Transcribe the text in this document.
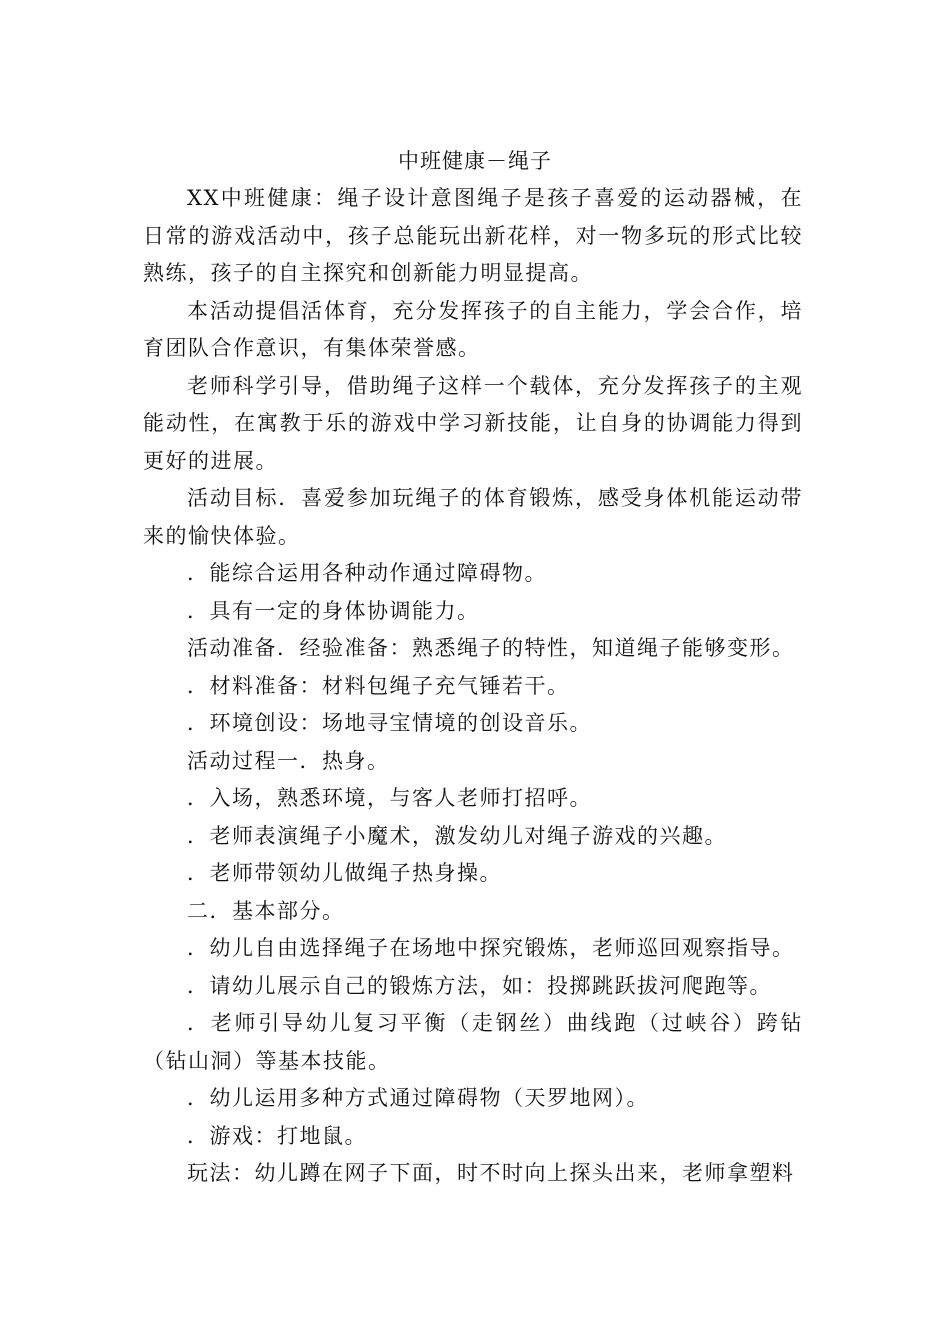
中班健康－绳子

XX中班健康：绳子设计意图绳子是孩子喜爱的运动器械，在日常的游戏活动中，孩子总能玩出新花样，对一物多玩的形式比较熟练，孩子的自主探究和创新能力明显提高。

本活动提倡活体育，充分发挥孩子的自主能力，学会合作，培育团队合作意识，有集体荣誉感。

老师科学引导，借助绳子这样一个载体，充分发挥孩子的主观能动性，在寓教于乐的游戏中学习新技能，让自身的协调能力得到更好的进展。

活动目标．喜爱参加玩绳子的体育锻炼，感受身体机能运动带来的愉快体验。

．能综合运用各种动作通过障碍物。

．具有一定的身体协调能力。

活动准备．经验准备：熟悉绳子的特性，知道绳子能够变形。

．材料准备：材料包绳子充气锤若干。

．环境创设：场地寻宝情境的创设音乐。

活动过程一．热身。

．入场，熟悉环境，与客人老师打招呼。

．老师表演绳子小魔术，激发幼儿对绳子游戏的兴趣。

．老师带领幼儿做绳子热身操。

二．基本部分。

．幼儿自由选择绳子在场地中探究锻炼，老师巡回观察指导。

．请幼儿展示自己的锻炼方法，如：投掷跳跃拔河爬跑等。

．老师引导幼儿复习平衡（走钢丝）曲线跑（过峡谷）跨钻（钻山洞）等基本技能。

．幼儿运用多种方式通过障碍物（天罗地网）。

．游戏：打地鼠。

玩法：幼儿蹲在网子下面，时不时向上探头出来，老师拿塑料
